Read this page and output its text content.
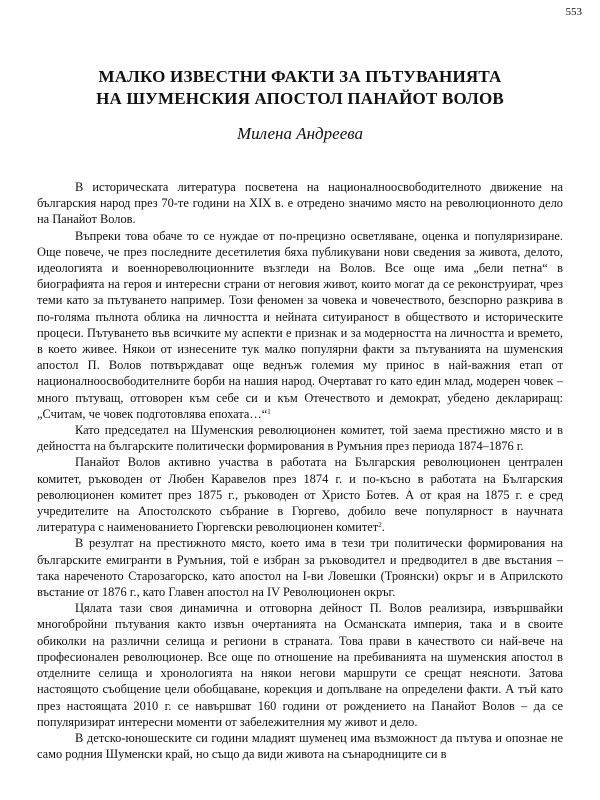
553
МАЛКО ИЗВЕСТНИ ФАКТИ ЗА ПЪТУВАНИЯТА
НА ШУМЕНСКИЯ АПОСТОЛ ПАНАЙОТ ВОЛОВ
Милена Андреева

В историческата литература посветена на националноосвободителното движение на българския народ през 70-те години на XIX в. е отредено значимо място на революционното дело на Панайот Волов.

Въпреки това обаче то се нуждае от по-прецизно осветляване, оценка и популяризиране. Още повече, че през последните десетилетия бяха публикувани нови сведения за живота, делото, идеологията и военнореволюционните възгледи на Волов. Все още има „бели петна“ в биографията на героя и интересни страни от неговия живот, които могат да се реконструират, чрез теми като за пътуването например. Този феномен за човека и човечеството, безспорно разкрива в по-голяма пълнота облика на личността и нейната ситуираност в обществото и историческите процеси. Пътуването във всичките му аспекти е признак и за модерността на личността и времето, в което живее. Някои от изнесените тук малко популярни факти за пътуванията на шуменския апостол П. Волов потвърждават още веднъж големия му принос в най-важния етап от националноосвободителните борби на нашия народ. Очертават го като един млад, модерен човек – много пътуващ, отговорен към себе си и към Отечеството и демократ, убедено деклариращ: „Считам, че човек подготовлява епохата…“$^1$

Като председател на Шуменския революционен комитет, той заема престижно място и в дейността на българските политически формирования в Румъния през периода 1874–1876 г.

Панайот Волов активно участва в работата на Българския революционен централен комитет, ръководен от Любен Каравелов през 1874 г. и по-късно в работата на Българския революционен комитет през 1875 г., ръководен от Христо Ботев. А от края на 1875 г. е сред учредителите на Апостолското събрание в Гюргево, добило вече популярност в научната литература с наименованието Гюргевски революционен комитет$^2$.

В резултат на престижното място, което има в тези три политически формирования на българските емигранти в Румъния, той е избран за ръководител и предводител в две въстания – така нареченото Старозагорско, като апостол на I-ви Ловешки (Троянски) окръг и в Априлското въстание от 1876 г., като Главен апостол на IV Революционен окръг.

Цялата тази своя динамична и отговорна дейност П. Волов реализира, извършвайки многобройни пътувания както извън очертанията на Османската империя, така и в своите обиколки на различни селища и региони в страната. Това прави в качеството си най-вече на професионален революционер. Все още по отношение на пребиванията на шуменския апостол в отделните селища и хронологията на някои негови маршрути се срещат неясноти. Затова настоящото съобщение цели обобщаване, корекция и допълване на определени факти. А тъй като през настоящата 2010 г. се навършват 160 години от рождението на Панайот Волов – да се популяризират интересни моменти от забележителния му живот и дело.

В детско-юношеските си години младият шуменец има възможност да пътува и опознае не само родния Шуменски край, но също да види живота на сънародниците си в
